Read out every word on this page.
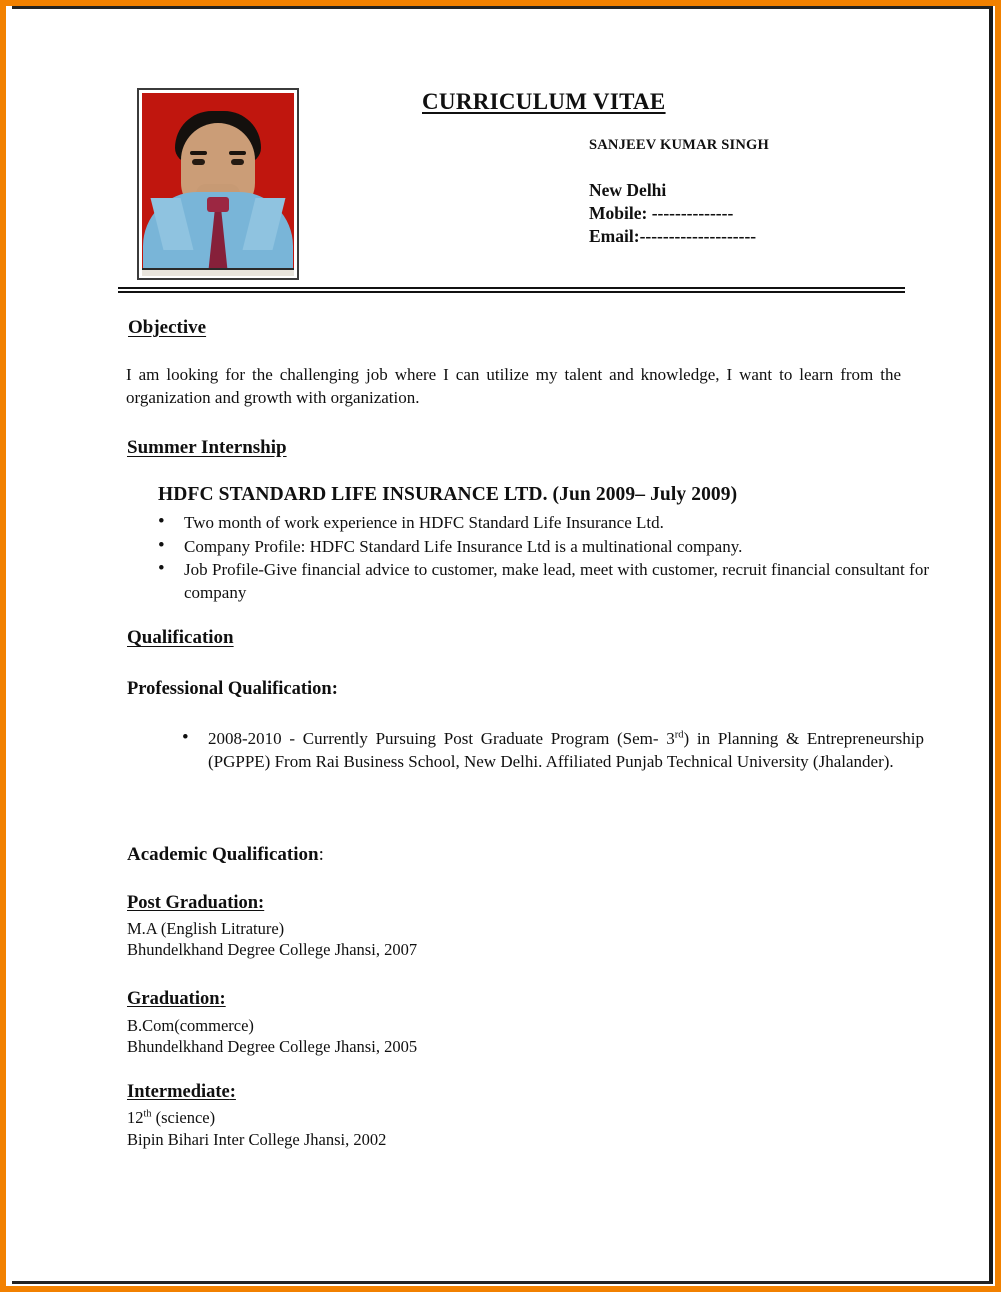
CURRICULUM VITAE
SANJEEV KUMAR SINGH
New Delhi
Mobile: --------------
Email:--------------------
Objective
I am looking for the challenging job where I can utilize my talent and knowledge, I want to learn from the organization and growth with organization.
Summer Internship
HDFC STANDARD LIFE INSURANCE LTD. (Jun 2009– July 2009)
• Two month of work experience in HDFC Standard Life Insurance Ltd.
• Company Profile: HDFC Standard Life Insurance Ltd is a multinational company.
• Job Profile-Give financial advice to customer, make lead, meet with customer, recruit financial consultant for company
Qualification
Professional Qualification:
• 2008-2010 - Currently Pursuing Post Graduate Program (Sem- 3rd) in Planning & Entrepreneurship (PGPPE) From Rai Business School, New Delhi. Affiliated Punjab Technical University (Jhalander).
Academic Qualification:
Post Graduation:
M.A (English Litrature)
Bhundelkhand Degree College Jhansi, 2007
Graduation:
B.Com(commerce)
Bhundelkhand Degree College Jhansi, 2005
Intermediate:
12th (science)
Bipin Bihari Inter College Jhansi, 2002
